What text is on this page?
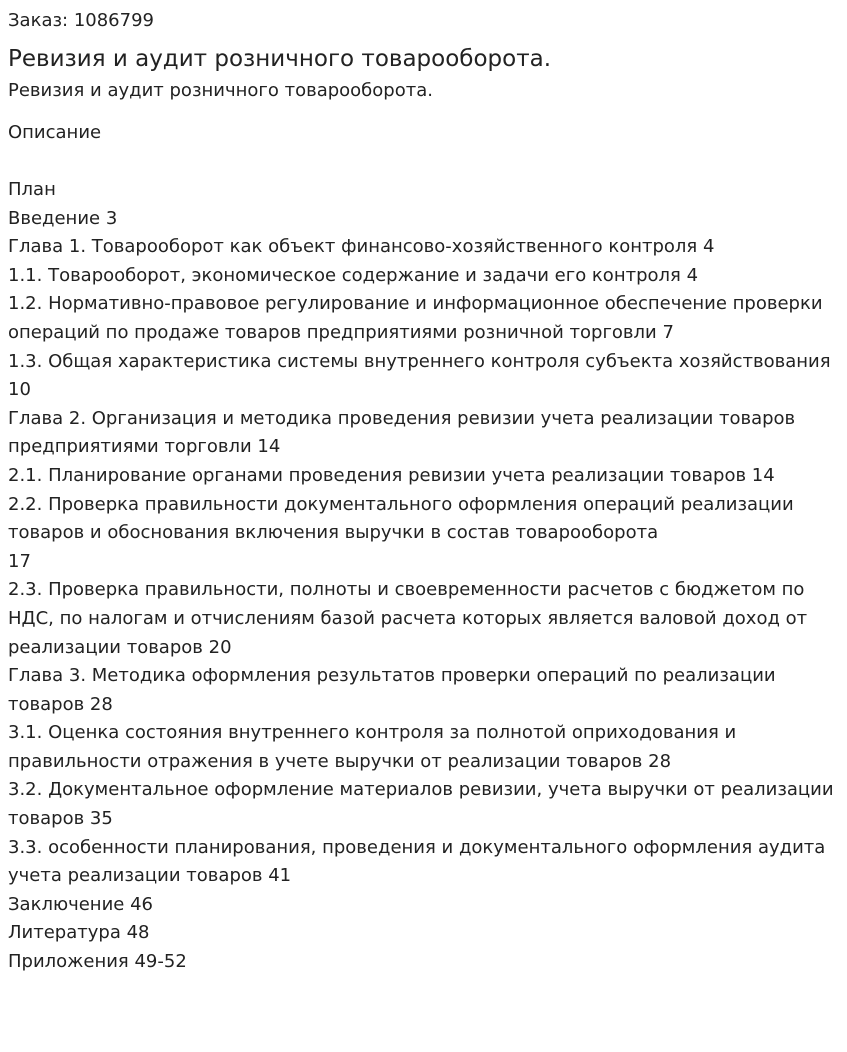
Заказ: 1086799

Ревизия и аудит розничного товарооборота.

Ревизия и аудит розничного товарооборота.

Описание

План
Введение 3
Глава 1. Товарооборот как объект финансово-хозяйственного контроля 4
1.1. Товарооборот, экономическое содержание и задачи его контроля 4
1.2. Нормативно-правовое регулирование и информационное обеспечение проверки операций по продаже товаров предприятиями розничной торговли 7
1.3. Общая характеристика системы внутреннего контроля субъекта хозяйствования 10
Глава 2. Организация и методика проведения ревизии учета реализации товаров предприятиями торговли 14
2.1. Планирование органами проведения ревизии учета реализации товаров 14
2.2. Проверка правильности документального оформления операций реализации товаров и обоснования включения выручки в состав товарооборота
17
2.3. Проверка правильности, полноты и своевременности расчетов с бюджетом по НДС, по налогам и отчислениям базой расчета которых является валовой доход от реализации товаров 20
Глава 3. Методика оформления результатов проверки операций по реализации товаров 28
3.1. Оценка состояния внутреннего контроля за полнотой оприходования и правильности отражения в учете выручки от реализации товаров 28
3.2. Документальное оформление материалов ревизии, учета выручки от реализации товаров 35
3.3. особенности планирования, проведения и документального оформления аудита учета реализации товаров 41
Заключение 46
Литература 48
Приложения 49-52
